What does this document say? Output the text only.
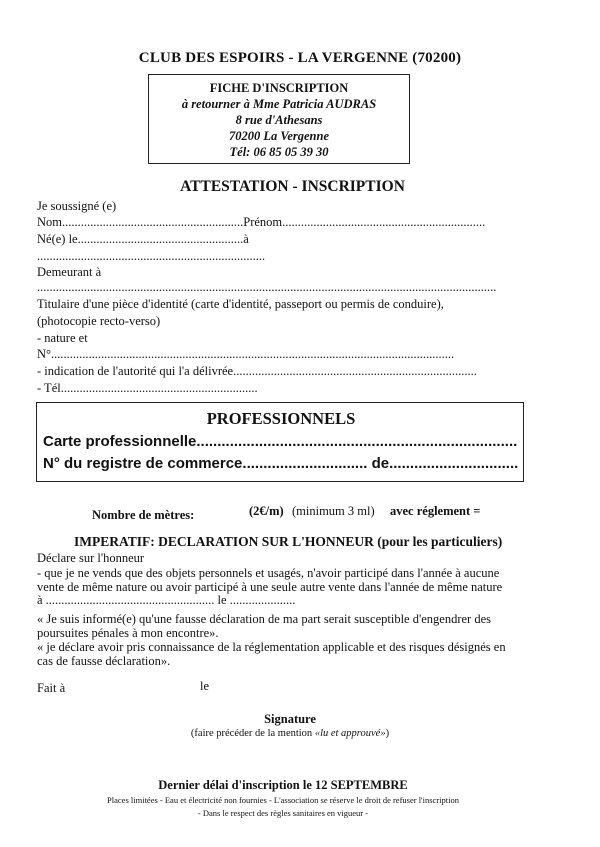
CLUB DES ESPOIRS - LA VERGENNE (70200)
FICHE D'INSCRIPTION
à retourner à Mme Patricia AUDRAS
8 rue d'Athesans
70200 La Vergenne
Tél: 06 85 05 39 30
ATTESTATION - INSCRIPTION
Je soussigné (e)
Nom..........................................................Prénom.................................................................
Né(e) le.....................................................à
.........................................................................
Demeurant à
...................................................................................................................................................
Titulaire d'une pièce d'identité (carte d'identité, passeport ou permis de conduire),
(photocopie recto-verso)
- nature et
N°.................................................................................................................................
- indication de l'autorité qui l'a délivrée..............................................................................
- Tél...............................................................
PROFESSIONNELS
Carte professionnelle.............................................................................
N° du registre de commerce.............................. de...............................
Nombre de mètres:	(2€/m) (minimum 3 ml) avec réglement =
IMPERATIF: DECLARATION SUR L'HONNEUR (pour les particuliers)
Déclare sur l'honneur
- que je ne vends que des objets personnels et usagés, n'avoir participé dans l'année à aucune
vente de même nature ou avoir participé à une seule autre vente dans l'année de même nature
à ...................................................... le .....................
« Je suis informé(e) qu'une fausse déclaration de ma part serait susceptible d'engendrer des
poursuites pénales à mon encontre».
« je déclare avoir pris connaissance de la réglementation applicable et des risques désignés en
cas de fausse déclaration».
Fait à	le
Signature
(faire précéder de la mention «lu et approuvé»)
Dernier délai d'inscription le 12 SEPTEMBRE
Places limitées - Eau et électricité non fournies - L'association se réserve le droit de refuser l'inscription
- Dans le respect des règles sanitaires en vigueur -
